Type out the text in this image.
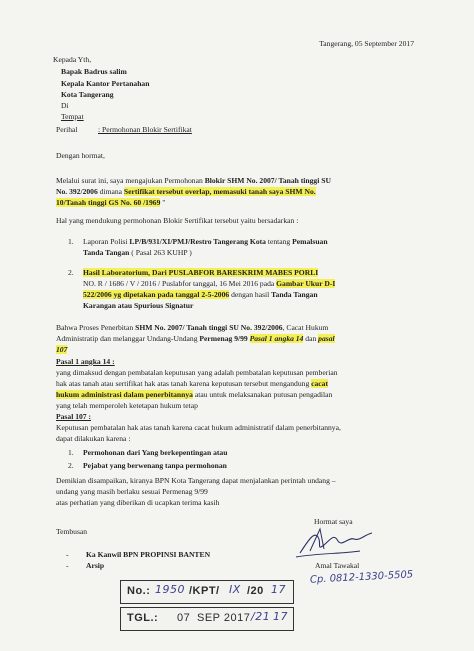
Tangerang, 05 September 2017
Kepada Yth,
Bapak Badrus salim
Kepala Kantor Pertanahan
Kota Tangerang
Di
Tempat
Perihal	: Permohonan Blokir Sertifikat
Dengan hormat,
Melalui surat ini, saya mengajukan Permohonan Blokir SHM No. 2007/ Tanah tinggi SU
No. 392/2006 dimana Sertifikat tersebut overlap, memasuki tanah saya SHM No.
10/Tanah tinggi GS No. 60 /1969 "
Hal yang mendukung permohonan Blokir Sertifikat tersebut yaitu bersadarkan :
1. Laporan Polisi LP/B/931/XI/PMJ/Restro Tangerang Kota tentang Pemalsuan
Tanda Tangan ( Pasal 263 KUHP )
2. Hasil Laboratorium, Dari PUSLABFOR BARESKRIM MABES PORLI
NO. R / 1686 / V / 2016 / Puslabfor tanggal, 16 Mei 2016 pada Gambar Ukur D-I
522/2006 yg dipetakan pada tanggal 2-5-2006 dengan hasil Tanda Tangan
Karangan atau Spurious Signatur
Bahwa Proses Penerbitan SHM No. 2007/ Tanah tinggi SU No. 392/2006, Cacat Hukum
Administratip dan melanggar Undang-Undang Permenag 9/99 Pasal 1 angka 14 dan pasal
107
Pasal 1 angka 14 :
yang dimaksud dengan pembatalan keputusan yang adalah pembatalan keputusan pemberian
hak atas tanah atau sertifikat hak atas tanah karena keputusan tersebut mengandung cacat
hukum administrasi dalam penerbitannya atau untuk melaksanakan putusan pengadilan
yang telah memperoleh ketetapan hukum tetap
Pasal 107 :
Keputusan pembatalan hak atas tanah karena cacat hukum administratif dalam penerbitannya,
dapat dilakukan karena :
1. Permohonan dari Yang berkepentingan atau
2. Pejabat yang berwenang tanpa permohonan
Demikian disampaikan, kiranya BPN Kota Tangerang dapat menjalankan perintah undang –
undang yang masih berlaku sesuai Permenag 9/99
atas perhatian yang diberikan di ucapkan terima kasih
Hormat saya
Amal Tawakal
Cp. 0812-1330-5505
Tembusan
- Ka Kanwil BPN PROPINSI BANTEN
- Arsip
No.: 1950 /KPT/ IX /20 17
TGL.: 07 SEP 2017 /21 17
